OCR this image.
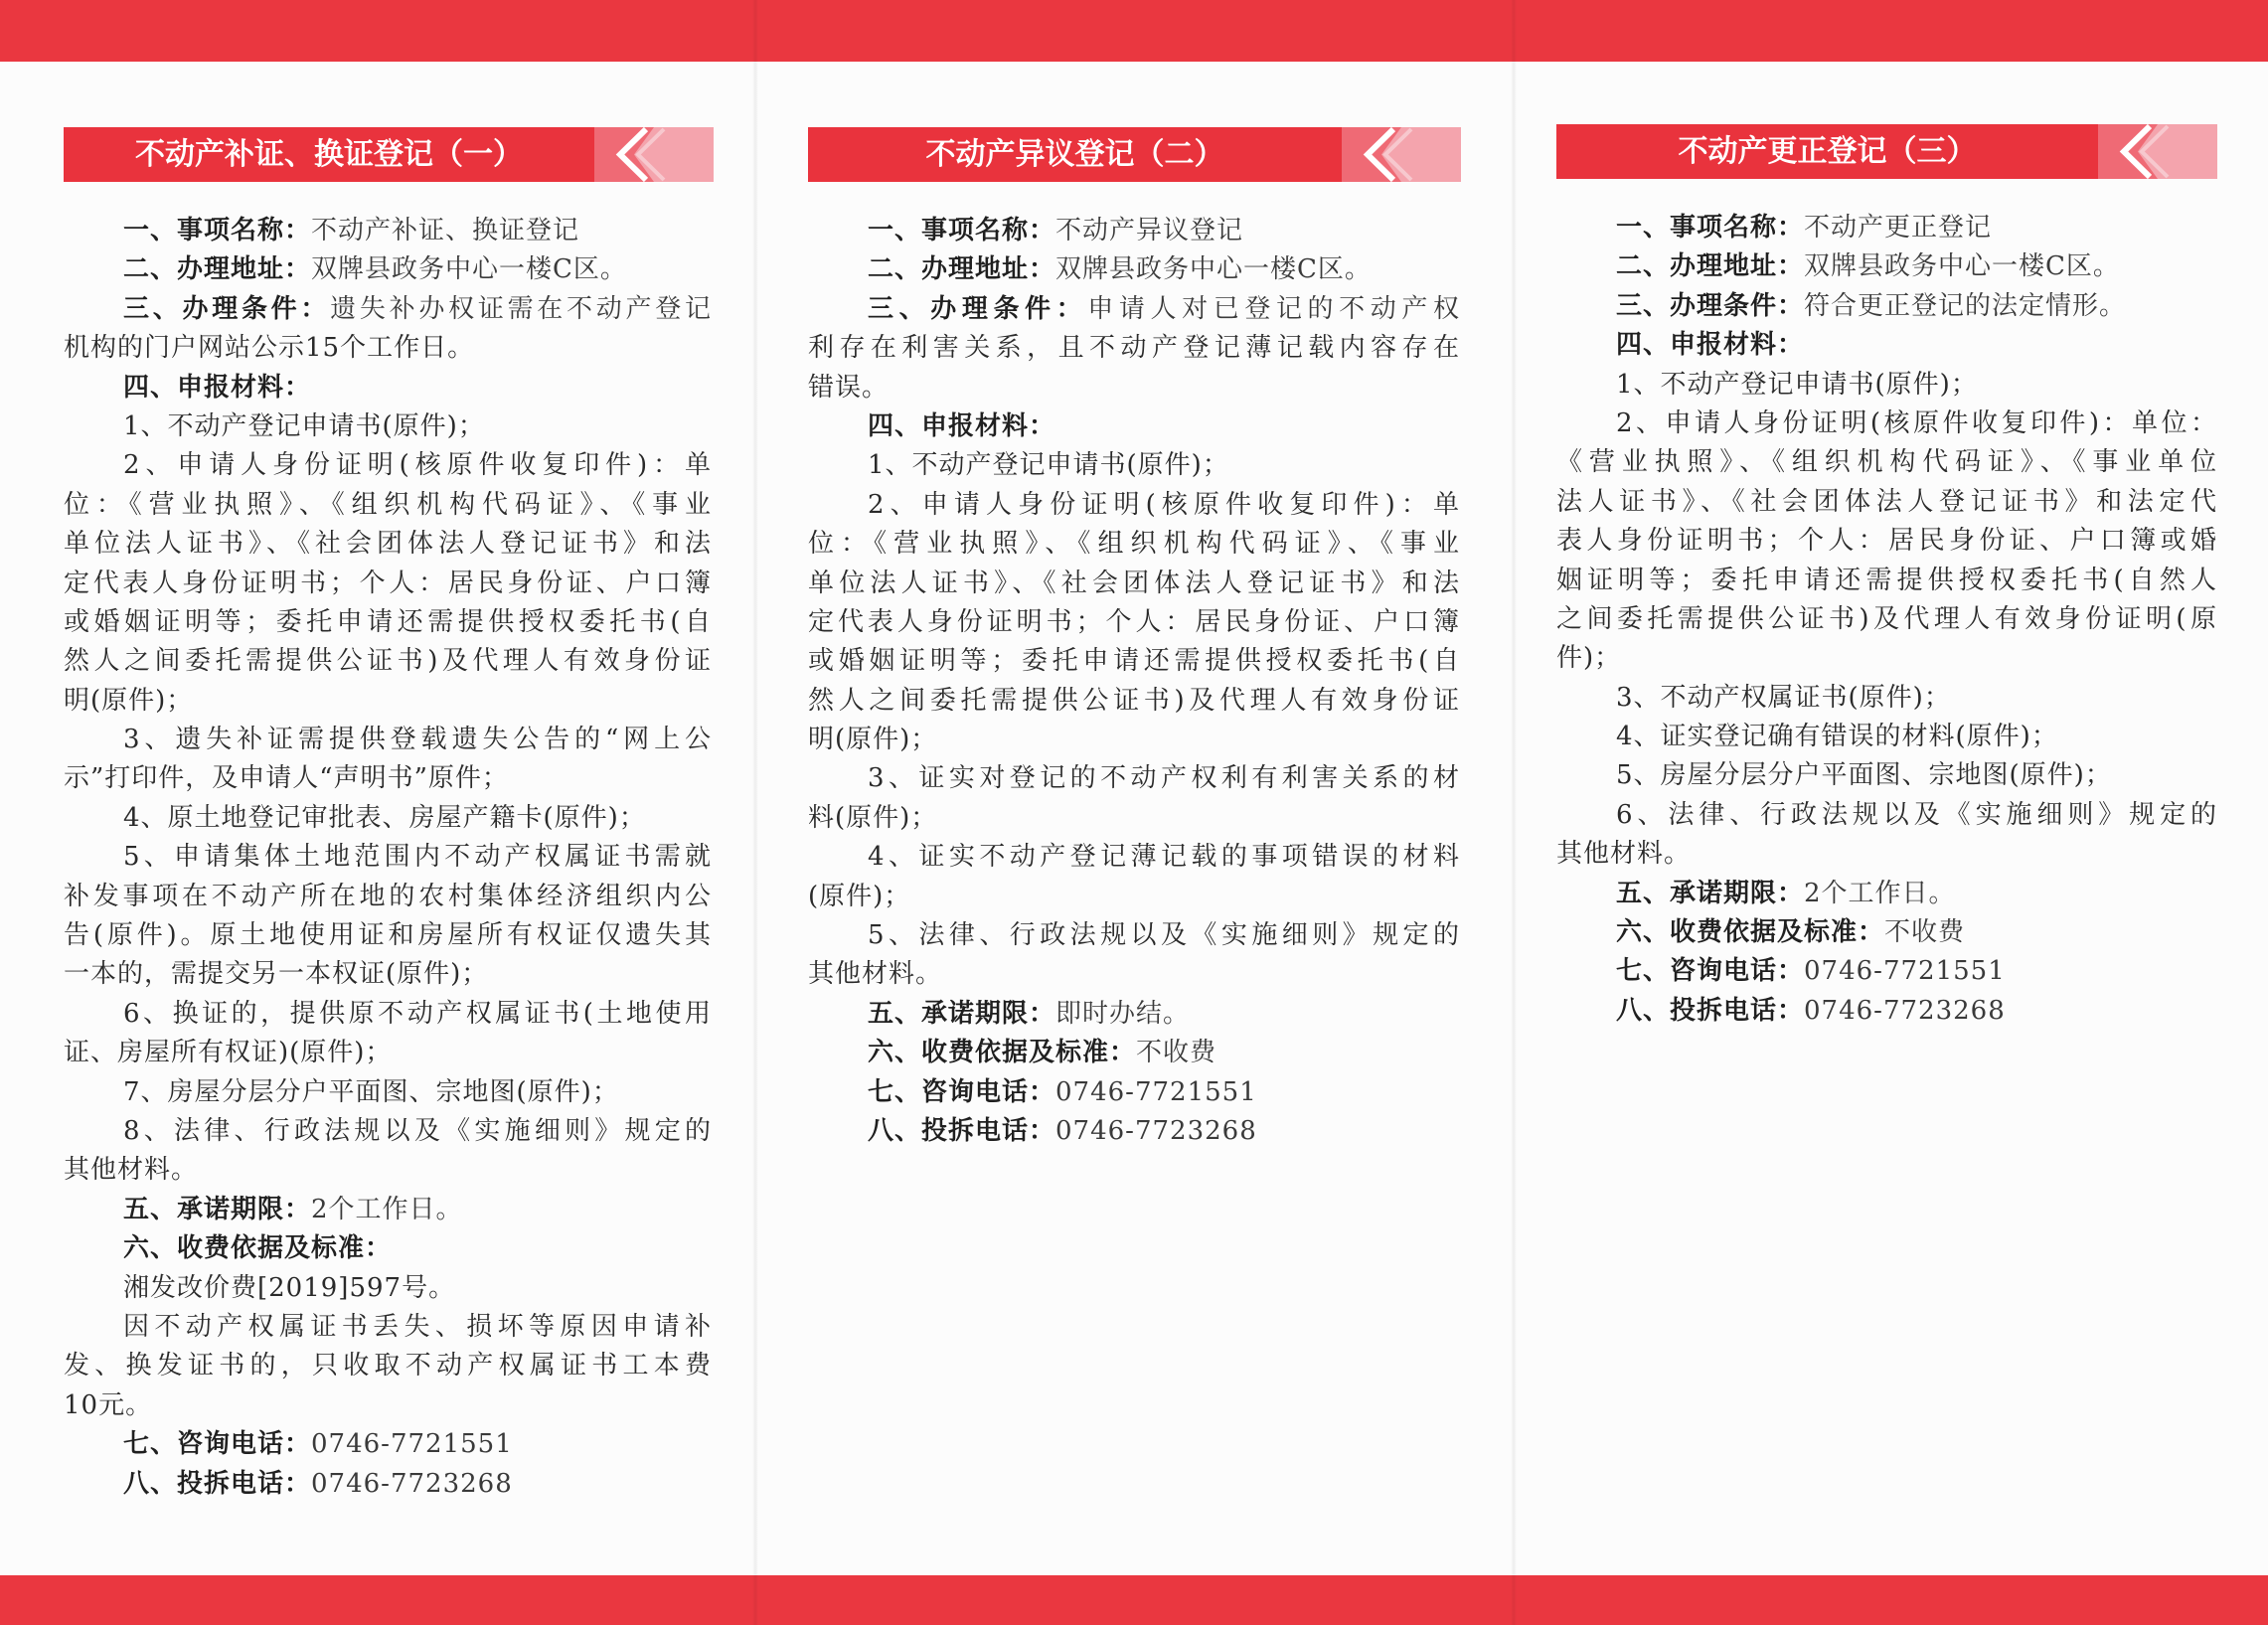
不动产补证、换证登记（一）
一、事项名称：不动产补证、换证登记
二、办理地址：双牌县政务中心一楼C区。
三、办理条件：遗失补办权证需在不动产登记
机构的门户网站公示15个工作日。
四、申报材料：
1、不动产登记申请书(原件)；
2、申请人身份证明(核原件收复印件)：单
位：《营业执照》、《组织机构代码证》、《事业
单位法人证书》、《社会团体法人登记证书》和法
定代表人身份证明书；个人：居民身份证、户口簿
或婚姻证明等；委托申请还需提供授权委托书(自
然人之间委托需提供公证书)及代理人有效身份证
明(原件)；
3、遗失补证需提供登载遗失公告的“网上公
示”打印件，及申请人“声明书”原件；
4、原土地登记审批表、房屋产籍卡(原件)；
5、申请集体土地范围内不动产权属证书需就
补发事项在不动产所在地的农村集体经济组织内公
告(原件)。原土地使用证和房屋所有权证仅遗失其
一本的，需提交另一本权证(原件)；
6、换证的，提供原不动产权属证书(土地使用
证、房屋所有权证)(原件)；
7、房屋分层分户平面图、宗地图(原件)；
8、法律、行政法规以及《实施细则》规定的
其他材料。
五、承诺期限：2个工作日。
六、收费依据及标准：
湘发改价费[2019]597号。
因不动产权属证书丢失、损坏等原因申请补
发、换发证书的，只收取不动产权属证书工本费
10元。
七、咨询电话：0746-7721551
八、投拆电话：0746-7723268
不动产异议登记（二）
一、事项名称：不动产异议登记
二、办理地址：双牌县政务中心一楼C区。
三、办理条件：申请人对已登记的不动产权
利存在利害关系，且不动产登记薄记载内容存在
错误。
四、申报材料：
1、不动产登记申请书(原件)；
2、申请人身份证明(核原件收复印件)：单
位：《营业执照》、《组织机构代码证》、《事业
单位法人证书》、《社会团体法人登记证书》和法
定代表人身份证明书；个人：居民身份证、户口簿
或婚姻证明等；委托申请还需提供授权委托书(自
然人之间委托需提供公证书)及代理人有效身份证
明(原件)；
3、证实对登记的不动产权利有利害关系的材
料(原件)；
4、证实不动产登记薄记载的事项错误的材料
(原件)；
5、法律、行政法规以及《实施细则》规定的
其他材料。
五、承诺期限：即时办结。
六、收费依据及标准：不收费
七、咨询电话：0746-7721551
八、投拆电话：0746-7723268
不动产更正登记（三）
一、事项名称：不动产更正登记
二、办理地址：双牌县政务中心一楼C区。
三、办理条件：符合更正登记的法定情形。
四、申报材料：
1、不动产登记申请书(原件)；
2、申请人身份证明(核原件收复印件)：单位：
《营业执照》、《组织机构代码证》、《事业单位
法人证书》、《社会团体法人登记证书》和法定代
表人身份证明书；个人：居民身份证、户口簿或婚
姻证明等；委托申请还需提供授权委托书(自然人
之间委托需提供公证书)及代理人有效身份证明(原
件)；
3、不动产权属证书(原件)；
4、证实登记确有错误的材料(原件)；
5、房屋分层分户平面图、宗地图(原件)；
6、法律、行政法规以及《实施细则》规定的
其他材料。
五、承诺期限：2个工作日。
六、收费依据及标准：不收费
七、咨询电话：0746-7721551
八、投拆电话：0746-7723268
